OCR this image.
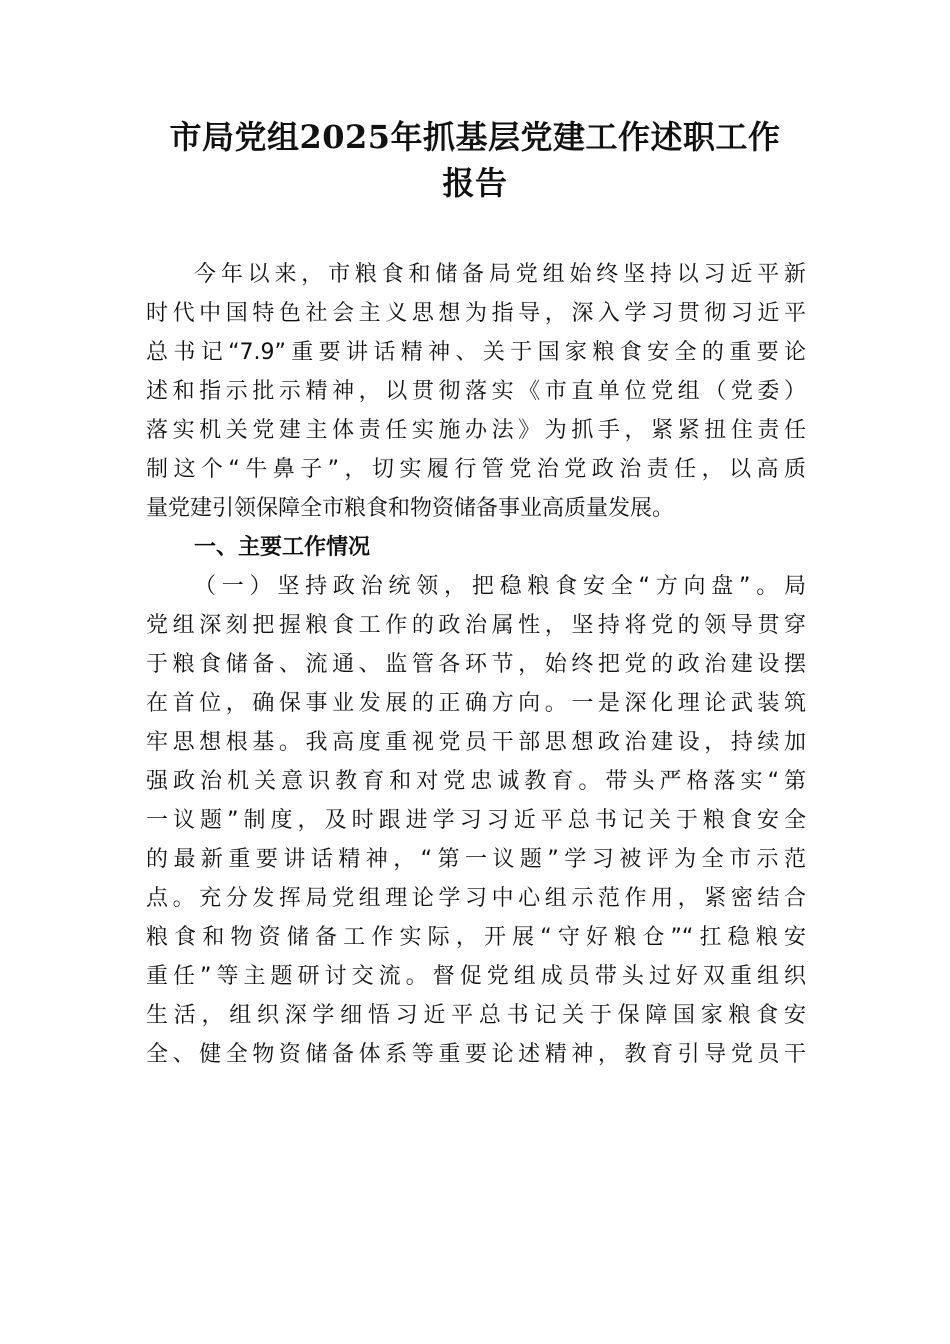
市局党组2025年抓基层党建工作述职工作
报告
今年以来，市粮食和储备局党组始终坚持以习近平新
时代中国特色社会主义思想为指导，深入学习贯彻习近平
总书记“7.9”重要讲话精神、关于国家粮食安全的重要论
述和指示批示精神，以贯彻落实《市直单位党组（党委）
落实机关党建主体责任实施办法》为抓手，紧紧扭住责任
制这个“牛鼻子”，切实履行管党治党政治责任，以高质
量党建引领保障全市粮食和物资储备事业高质量发展。
一、主要工作情况
（一）坚持政治统领，把稳粮食安全“方向盘”。局
党组深刻把握粮食工作的政治属性，坚持将党的领导贯穿
于粮食储备、流通、监管各环节，始终把党的政治建设摆
在首位，确保事业发展的正确方向。一是深化理论武装筑
牢思想根基。我高度重视党员干部思想政治建设，持续加
强政治机关意识教育和对党忠诚教育。带头严格落实“第
一议题”制度，及时跟进学习习近平总书记关于粮食安全
的最新重要讲话精神，“第一议题”学习被评为全市示范
点。充分发挥局党组理论学习中心组示范作用，紧密结合
粮食和物资储备工作实际，开展“守好粮仓”“扛稳粮安
重任”等主题研讨交流。督促党组成员带头过好双重组织
生活，组织深学细悟习近平总书记关于保障国家粮食安
全、健全物资储备体系等重要论述精神，教育引导党员干
